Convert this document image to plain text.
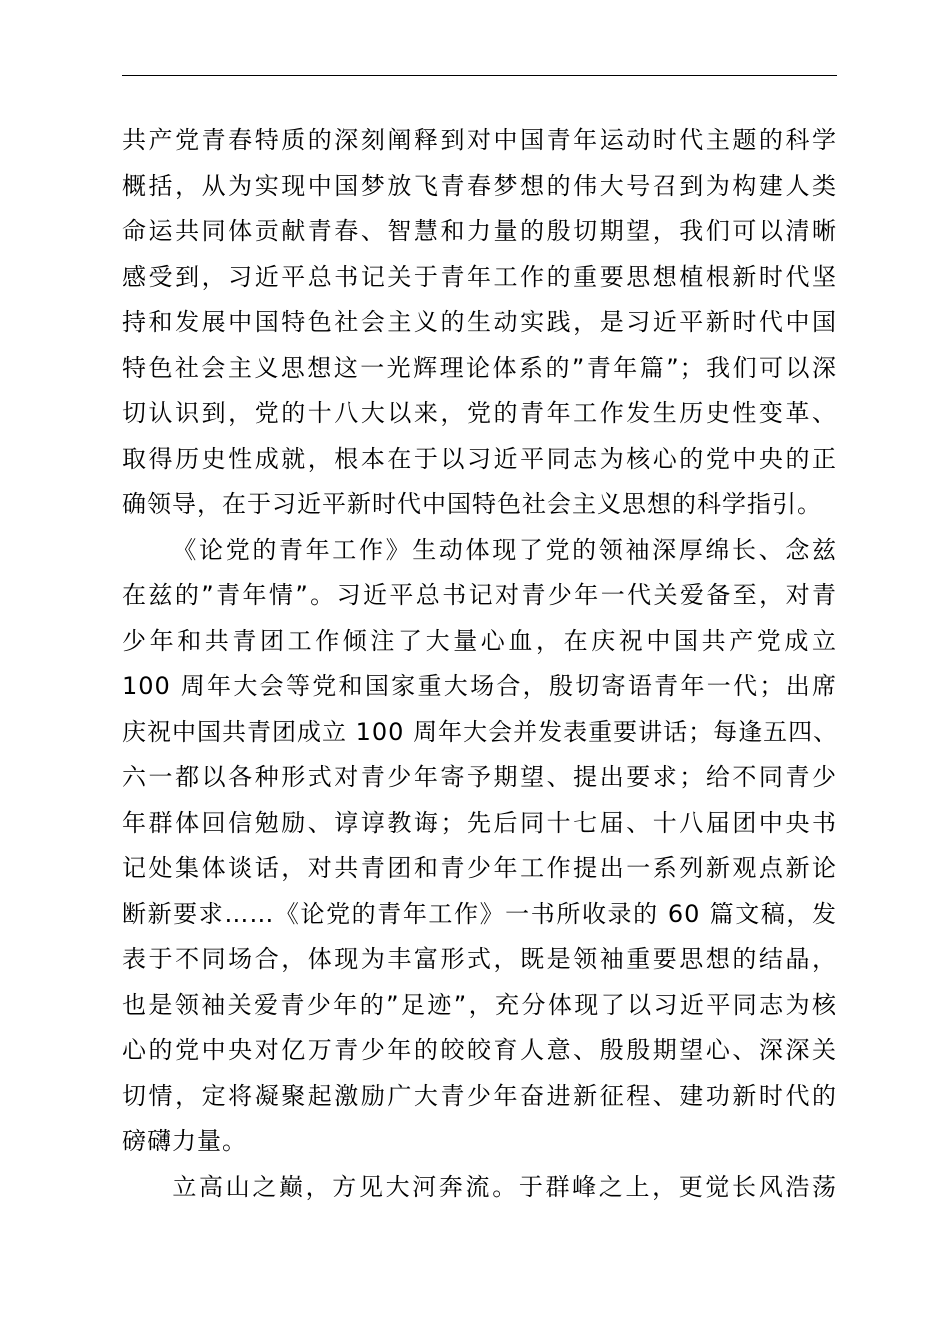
共产党青春特质的深刻阐释到对中国青年运动时代主题的科学
概括，从为实现中国梦放飞青春梦想的伟大号召到为构建人类
命运共同体贡献青春、智慧和力量的殷切期望，我们可以清晰
感受到，习近平总书记关于青年工作的重要思想植根新时代坚
持和发展中国特色社会主义的生动实践，是习近平新时代中国
特色社会主义思想这一光辉理论体系的”青年篇”；我们可以深
切认识到，党的十八大以来，党的青年工作发生历史性变革、
取得历史性成就，根本在于以习近平同志为核心的党中央的正
确领导，在于习近平新时代中国特色社会主义思想的科学指引。
《论党的青年工作》生动体现了党的领袖深厚绵长、念兹
在兹的”青年情”。习近平总书记对青少年一代关爱备至，对青
少年和共青团工作倾注了大量心血，在庆祝中国共产党成立
100 周年大会等党和国家重大场合，殷切寄语青年一代；出席
庆祝中国共青团成立 100 周年大会并发表重要讲话；每逢五四、
六一都以各种形式对青少年寄予期望、提出要求；给不同青少
年群体回信勉励、谆谆教诲；先后同十七届、十八届团中央书
记处集体谈话，对共青团和青少年工作提出一系列新观点新论
断新要求……《论党的青年工作》一书所收录的 60 篇文稿，发
表于不同场合，体现为丰富形式，既是领袖重要思想的结晶，
也是领袖关爱青少年的”足迹”，充分体现了以习近平同志为核
心的党中央对亿万青少年的皎皎育人意、殷殷期望心、深深关
切情，定将凝聚起激励广大青少年奋进新征程、建功新时代的
磅礴力量。
立高山之巅，方见大河奔流。于群峰之上，更觉长风浩荡
